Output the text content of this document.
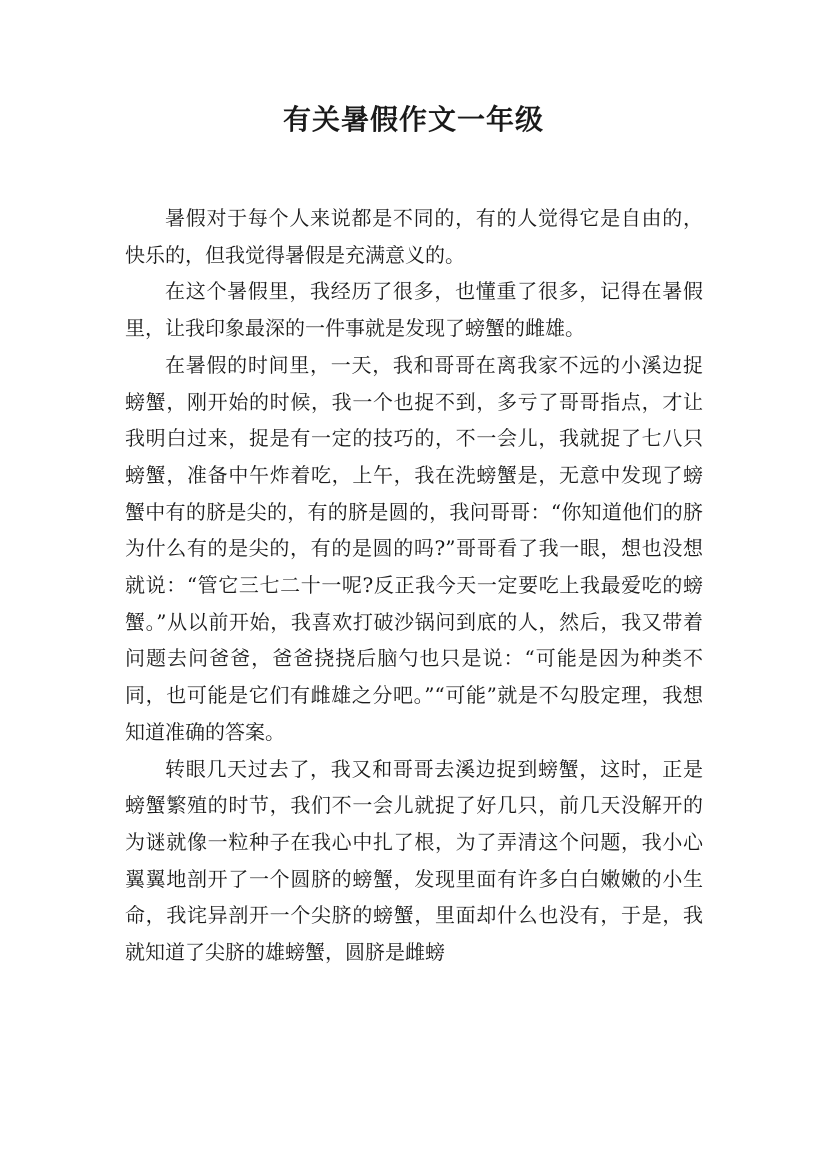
有关暑假作文一年级

暑假对于每个人来说都是不同的，有的人觉得它是自由的，快乐的，但我觉得暑假是充满意义的。

在这个暑假里，我经历了很多，也懂重了很多，记得在暑假里，让我印象最深的一件事就是发现了螃蟹的雌雄。

在暑假的时间里，一天，我和哥哥在离我家不远的小溪边捉螃蟹，刚开始的时候，我一个也捉不到，多亏了哥哥指点，才让我明白过来，捉是有一定的技巧的，不一会儿，我就捉了七八只螃蟹，准备中午炸着吃，上午，我在洗螃蟹是，无意中发现了螃蟹中有的脐是尖的，有的脐是圆的，我问哥哥：“你知道他们的脐为什么有的是尖的，有的是圆的吗?”哥哥看了我一眼，想也没想就说：“管它三七二十一呢?反正我今天一定要吃上我最爱吃的螃蟹。”从以前开始，我喜欢打破沙锅问到底的人，然后，我又带着问题去问爸爸，爸爸挠挠后脑勺也只是说：“可能是因为种类不同，也可能是它们有雌雄之分吧。”“可能”就是不勾股定理，我想知道准确的答案。

转眼几天过去了，我又和哥哥去溪边捉到螃蟹，这时，正是螃蟹繁殖的时节，我们不一会儿就捉了好几只，前几天没解开的为谜就像一粒种子在我心中扎了根，为了弄清这个问题，我小心翼翼地剖开了一个圆脐的螃蟹，发现里面有许多白白嫩嫩的小生命，我诧异剖开一个尖脐的螃蟹，里面却什么也没有，于是，我就知道了尖脐的雄螃蟹，圆脐是雌螃
